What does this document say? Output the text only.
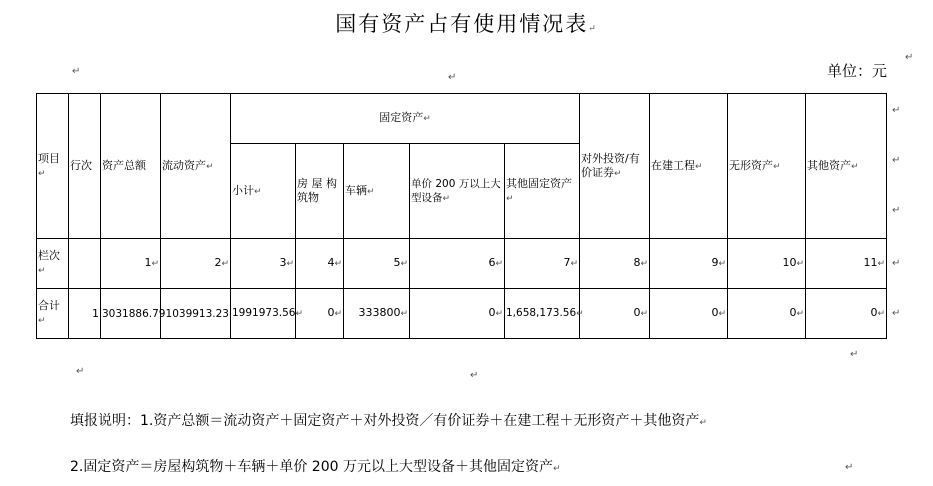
国有资产占有使用情况表↵
↵
↵
↵
单位：元
项目↵	行次	资产总额	流动资产↵	固定资产↵					对外投资/有价证券↵	在建工程↵	无形资产↵	其他资产↵
				小计↵	房 屋 构筑物	车辆↵	单价 200 万以上大型设备↵	其他固定资产↵				
栏次↵		1↵	2↵	3↵	4↵	5↵	6↵	7↵	8↵	9↵	10↵	11↵
合计↵	1	3031886.79	1039913.23	1991973.56↵	0↵	333800↵	0↵	1,658,173.56↵	0↵	0↵	0↵	0↵
↵
↵
↵
↵
↵
↵
↵	↵
填报说明：1.资产总额＝流动资产＋固定资产＋对外投资／有价证券＋在建工程＋无形资产＋其他资产↵
2.固定资产＝房屋构筑物＋车辆＋单价 200 万元以上大型设备＋其他固定资产↵	↵
